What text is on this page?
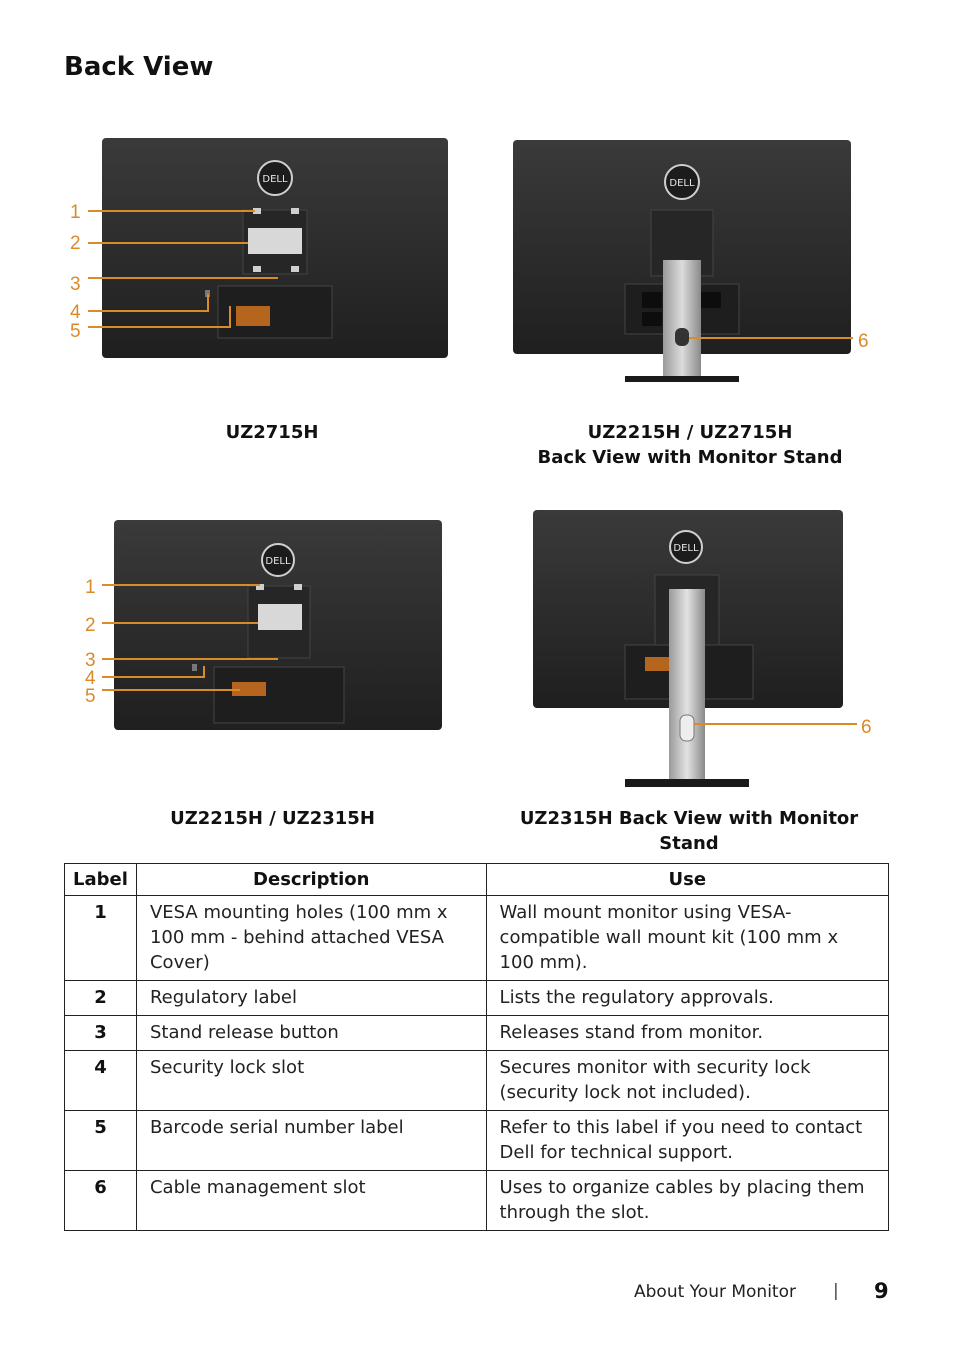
Back View
DELL
1
2
3
4
5
UZ2715H
DELL
6
UZ2215H / UZ2715H
Back View with Monitor Stand
DELL
1
2
3
4
5
UZ2215H / UZ2315H
DELL
6
UZ2315H Back View with Monitor Stand
Label	Description	Use
1	VESA mounting holes (100 mm x 100 mm - behind attached VESA Cover)	Wall mount monitor using VESA-compatible wall mount kit (100 mm x 100 mm).
2	Regulatory label	Lists the regulatory approvals.
3	Stand release button	Releases stand from monitor.
4	Security lock slot	Secures monitor with security lock (security lock not included).
5	Barcode serial number label	Refer to this label if you need to contact Dell for technical support.
6	Cable management slot	Uses to organize cables by placing them through the slot.
About Your Monitor | 9
